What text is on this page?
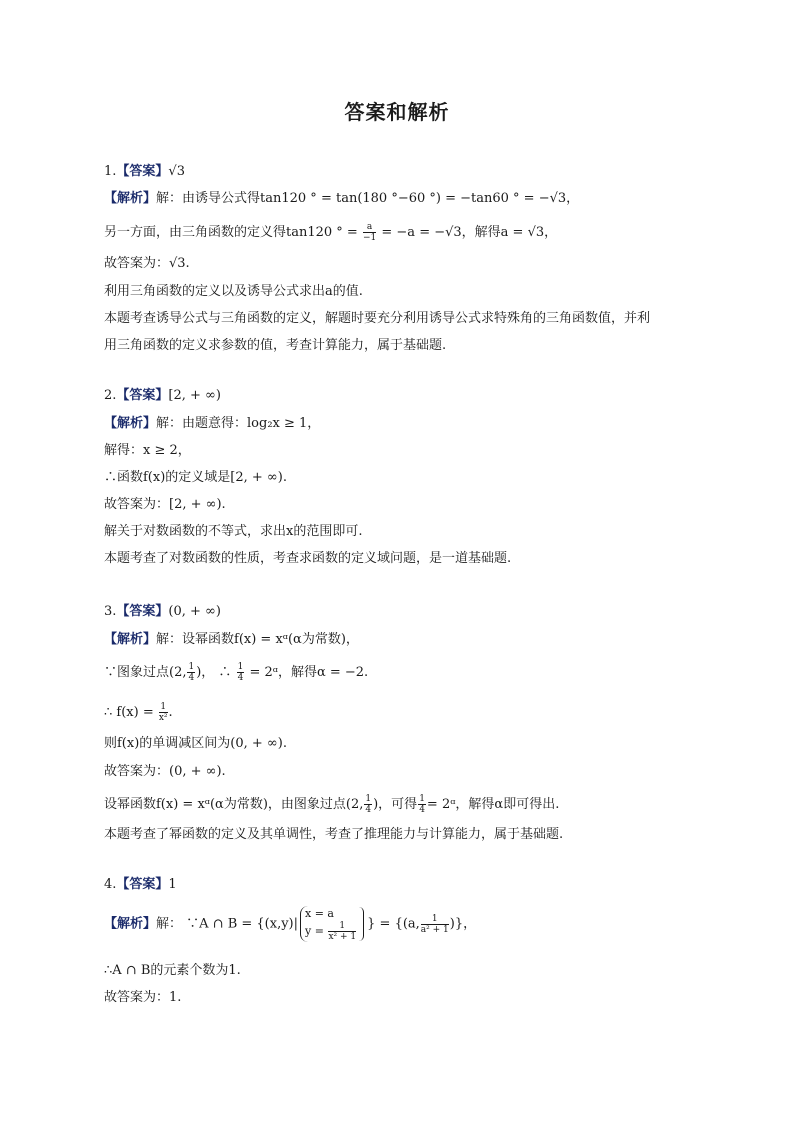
答案和解析
1.【答案】√3
【解析】解：由诱导公式得tan120 ° = tan(180 °−60 °) = −tan60 ° = −√3，
另一方面，由三角函数的定义得tan120 ° = $\frac{a}{-1} = -a = -√3$，解得a = √3，
故答案为：√3.
利用三角函数的定义以及诱导公式求出a的值.
本题考查诱导公式与三角函数的定义，解题时要充分利用诱导公式求特殊角的三角函数值，并利
用三角函数的定义求参数的值，考查计算能力，属于基础题.
2.【答案】[2, + ∞)
【解析】解：由题意得：log₂x ≥ 1，
解得：x ≥ 2，
∴函数f(x)的定义域是[2, + ∞).
故答案为：[2, + ∞).
解关于对数函数的不等式，求出x的范围即可.
本题考查了对数函数的性质，考查求函数的定义域问题，是一道基础题.
3.【答案】(0, + ∞)
【解析】解：设幂函数f(x) = xᵅ(α为常数)，
∵图象过点(2, $\frac{1}{4}$ )， ∴ $\frac{1}{4}$ = 2ᵅ，解得α = −2.
∴ $f(x) = \frac{1}{\text{x²}}$ .
则f(x)的单调减区间为(0, + ∞).
故答案为：(0, + ∞).
设幂函数f(x) = xᵅ(α为常数)，由图象过点(2, $\frac{1}{4}$ )，可得 $\frac{1}{4}$ = 2ᵅ，解得α即可得出.
本题考查了幂函数的定义及其单调性，考查了推理能力与计算能力，属于基础题.
4.【答案】1
【解析】解： ∵A ∩ B = {(x,y)|
x = a
$y = \frac{1}{\text{x² + 1}}$ } = {(a, $\frac{1}{\text{a² + 1}}$ )}，
∴A ∩ B的元素个数为1.
故答案为：1.
